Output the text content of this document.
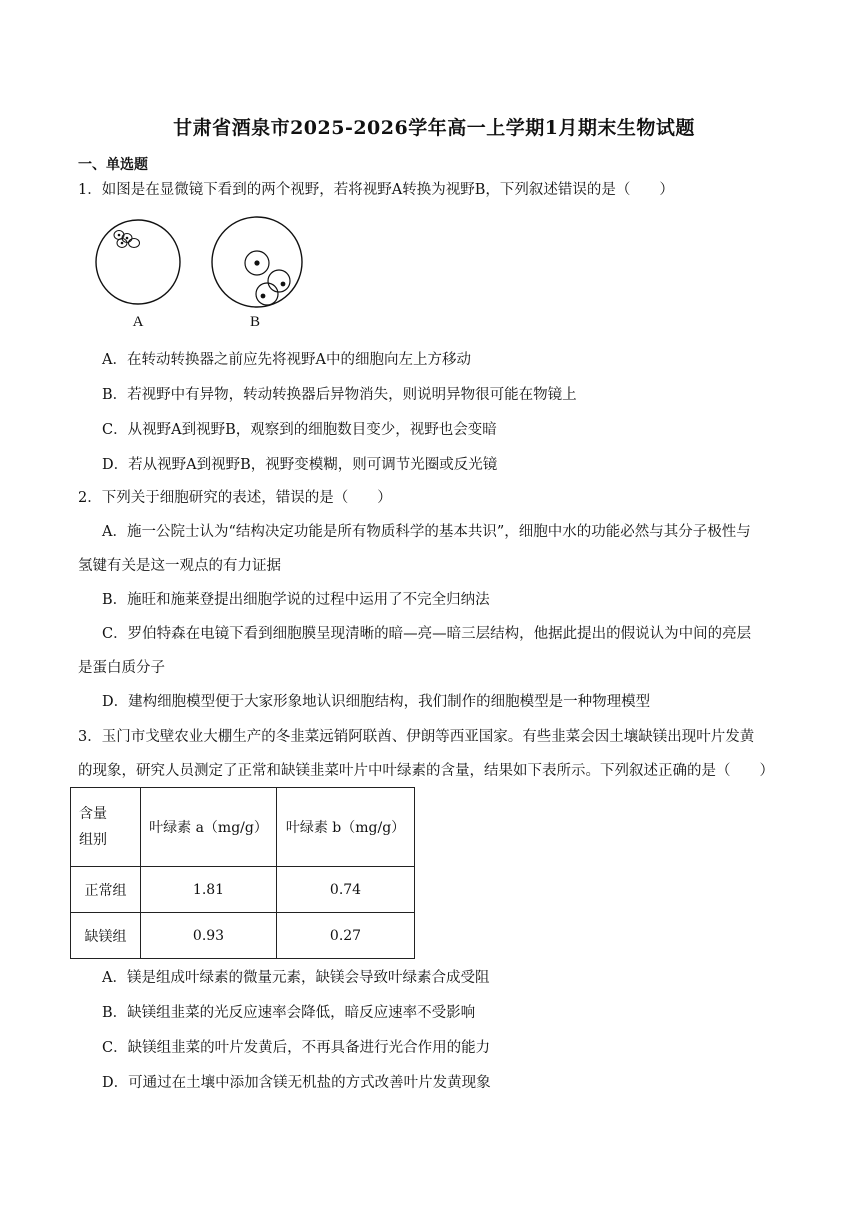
甘肃省酒泉市2025-2026学年高一上学期1月期末生物试题
一、单选题
1．如图是在显微镜下看到的两个视野，若将视野A转换为视野B，下列叙述错误的是（　　）
A	B
A．在转动转换器之前应先将视野A中的细胞向左上方移动
B．若视野中有异物，转动转换器后异物消失，则说明异物很可能在物镜上
C．从视野A到视野B，观察到的细胞数目变少，视野也会变暗
D．若从视野A到视野B，视野变模糊，则可调节光圈或反光镜
2．下列关于细胞研究的表述，错误的是（　　）
A．施一公院士认为“结构决定功能是所有物质科学的基本共识”，细胞中水的功能必然与其分子极性与
氢键有关是这一观点的有力证据
B．施旺和施莱登提出细胞学说的过程中运用了不完全归纳法
C．罗伯特森在电镜下看到细胞膜呈现清晰的暗—亮—暗三层结构，他据此提出的假说认为中间的亮层
是蛋白质分子
D．建构细胞模型便于大家形象地认识细胞结构，我们制作的细胞模型是一种物理模型
3．玉门市戈壁农业大棚生产的冬韭菜远销阿联酋、伊朗等西亚国家。有些韭菜会因土壤缺镁出现叶片发黄
的现象，研究人员测定了正常和缺镁韭菜叶片中叶绿素的含量，结果如下表所示。下列叙述正确的是（　　）
含量
组别	叶绿素 a（mg/g）	叶绿素 b（mg/g）
正常组	1.81	0.74
缺镁组	0.93	0.27
A．镁是组成叶绿素的微量元素，缺镁会导致叶绿素合成受阻
B．缺镁组韭菜的光反应速率会降低，暗反应速率不受影响
C．缺镁组韭菜的叶片发黄后，不再具备进行光合作用的能力
D．可通过在土壤中添加含镁无机盐的方式改善叶片发黄现象
